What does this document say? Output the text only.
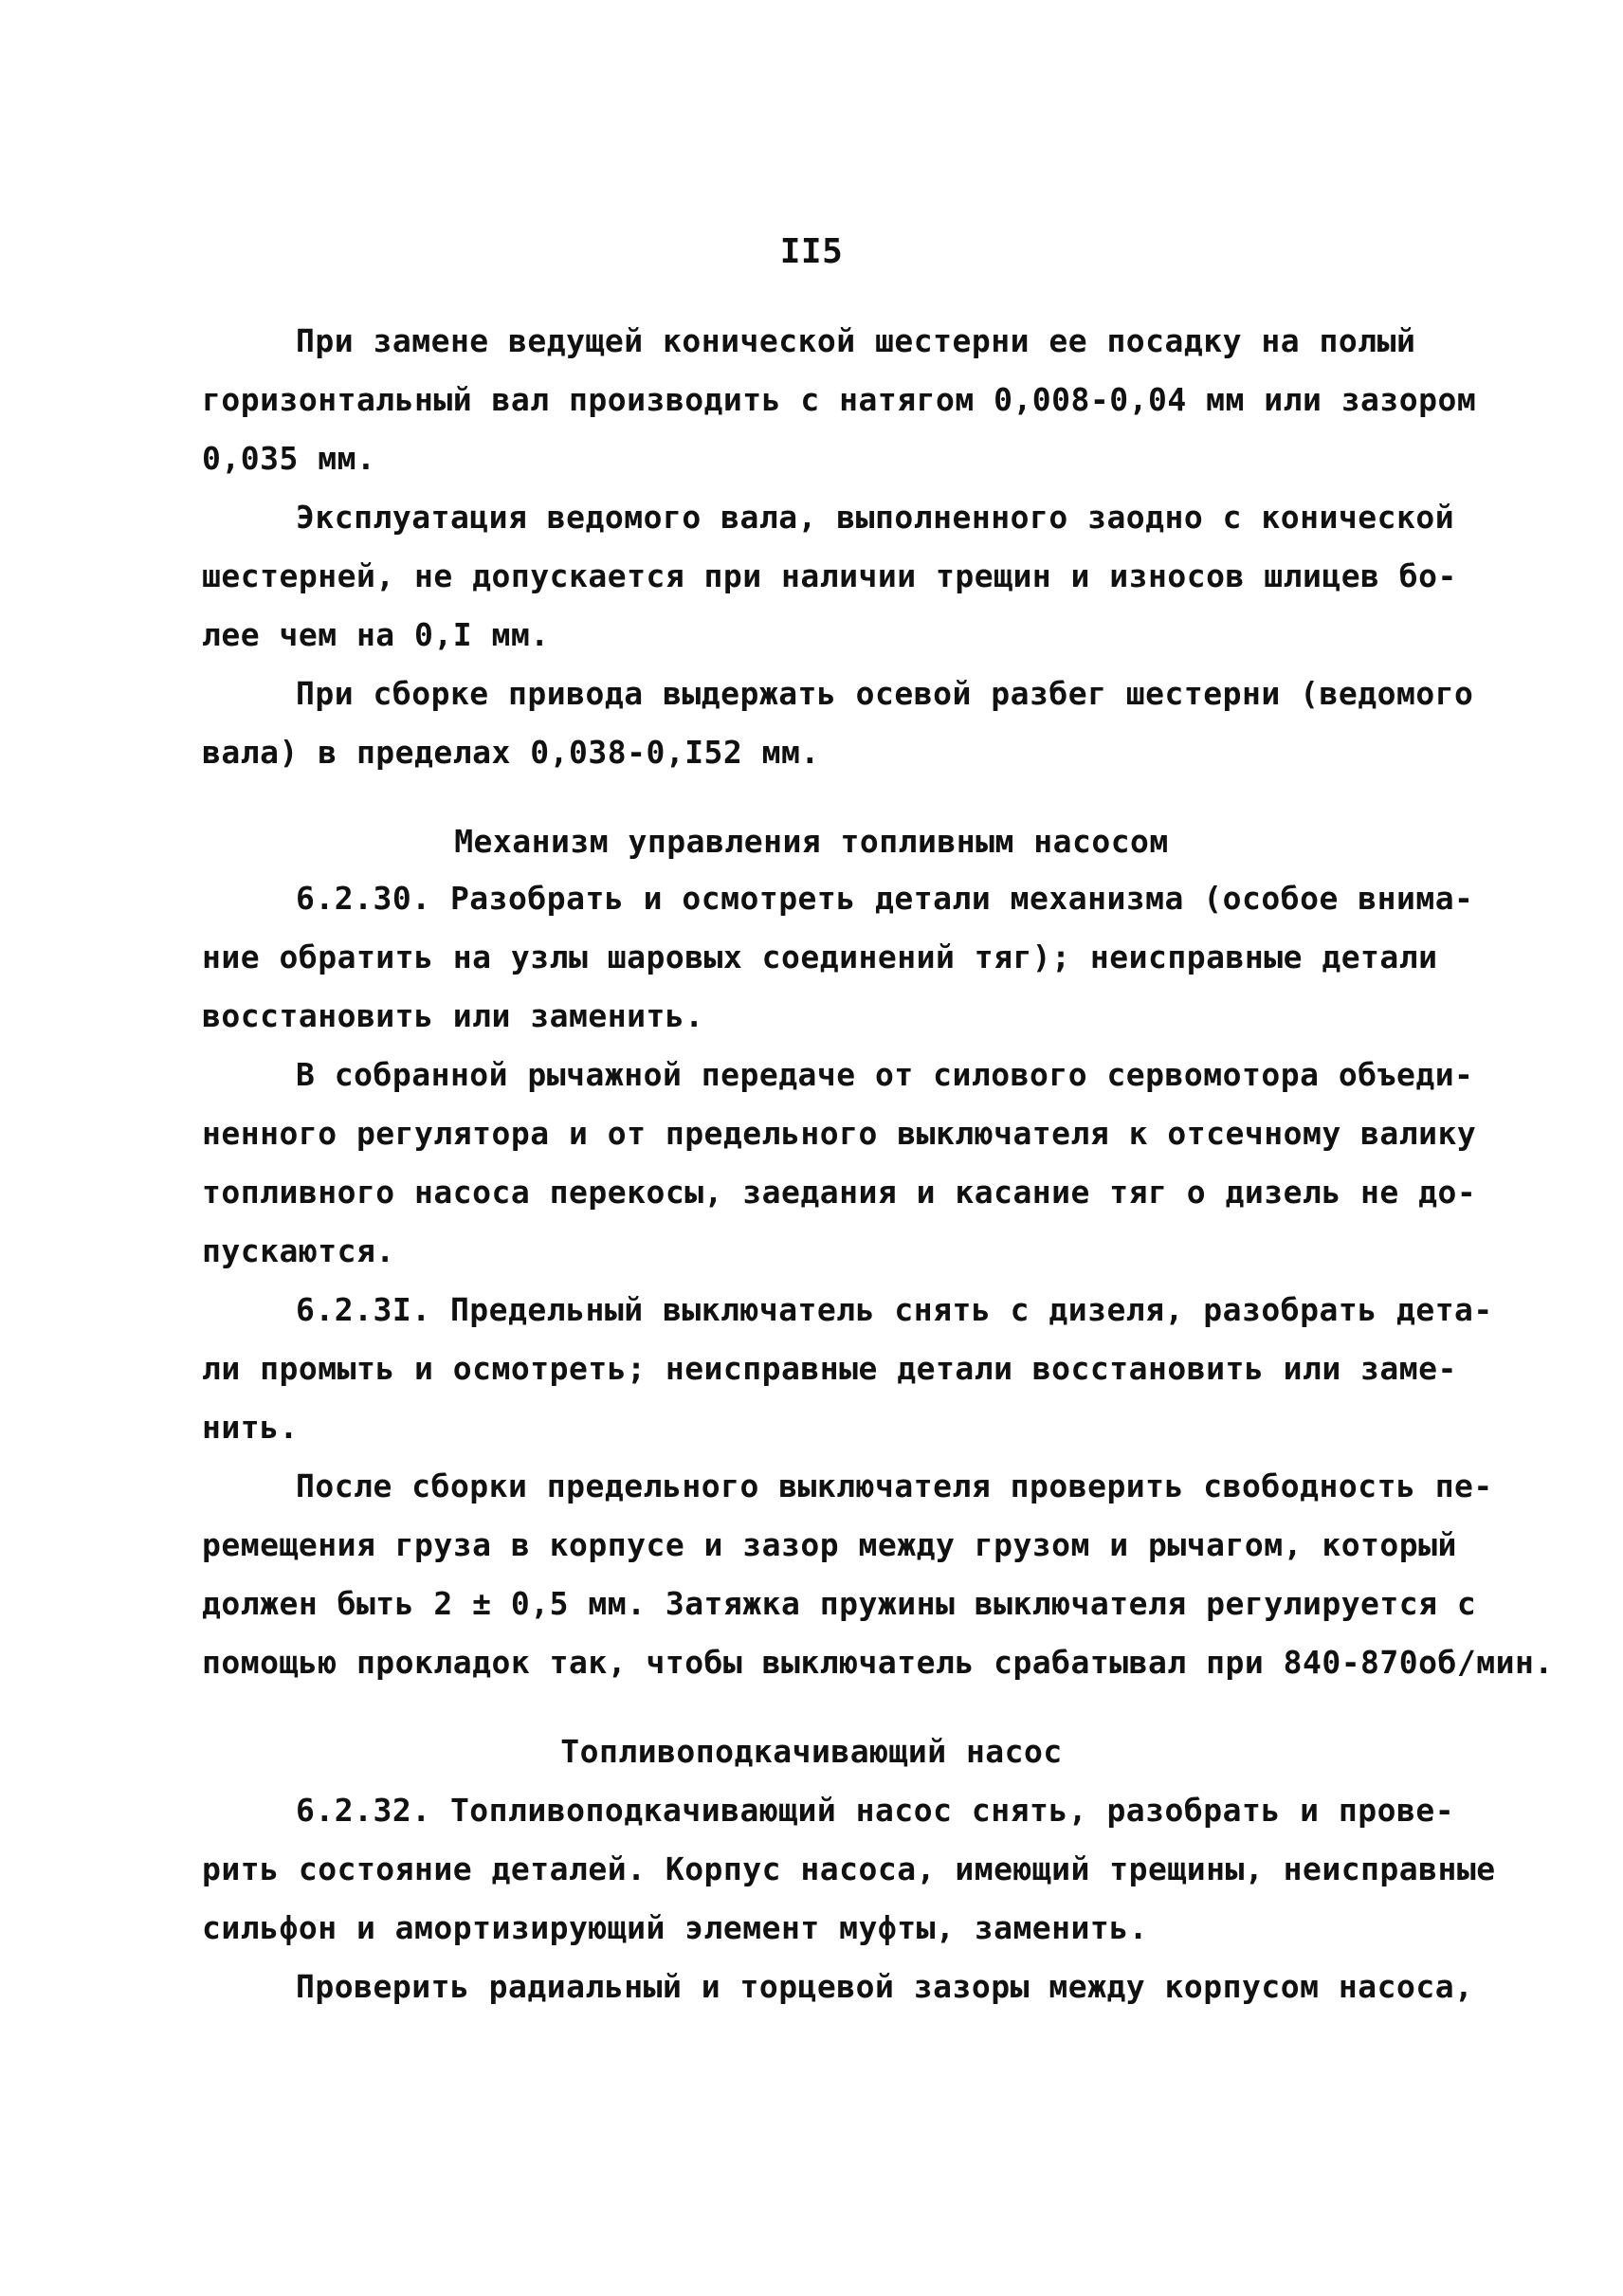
II5
При замене ведущей конической шестерни ее посадку на полый
горизонтальный вал производить с натягом 0,008-0,04 мм или зазором
0,035 мм.
Эксплуатация ведомого вала, выполненного заодно с конической
шестерней, не допускается при наличии трещин и износов шлицев бо-
лее чем на 0,I мм.
При сборке привода выдержать осевой разбег шестерни (ведомого
вала) в пределах 0,038-0,I52 мм.
Механизм управления топливным насосом
6.2.30. Разобрать и осмотреть детали механизма (особое внима-
ние обратить на узлы шаровых соединений тяг); неисправные детали
восстановить или заменить.
В собранной рычажной передаче от силового сервомотора объеди-
ненного регулятора и от предельного выключателя к отсечному валику
топливного насоса перекосы, заедания и касание тяг о дизель не до-
пускаются.
6.2.3I. Предельный выключатель снять с дизеля, разобрать дета-
ли промыть и осмотреть; неисправные детали восстановить или заме-
нить.
После сборки предельного выключателя проверить свободность пе-
ремещения груза в корпусе и зазор между грузом и рычагом, который
должен быть 2 ± 0,5 мм. Затяжка пружины выключателя регулируется с
помощью прокладок так, чтобы выключатель срабатывал при 840-870об/мин.
Топливоподкачивающий насос
6.2.32. Топливоподкачивающий насос снять, разобрать и прове-
рить состояние деталей. Корпус насоса, имеющий трещины, неисправные
сильфон и амортизирующий элемент муфты, заменить.
Проверить радиальный и торцевой зазоры между корпусом насоса,
